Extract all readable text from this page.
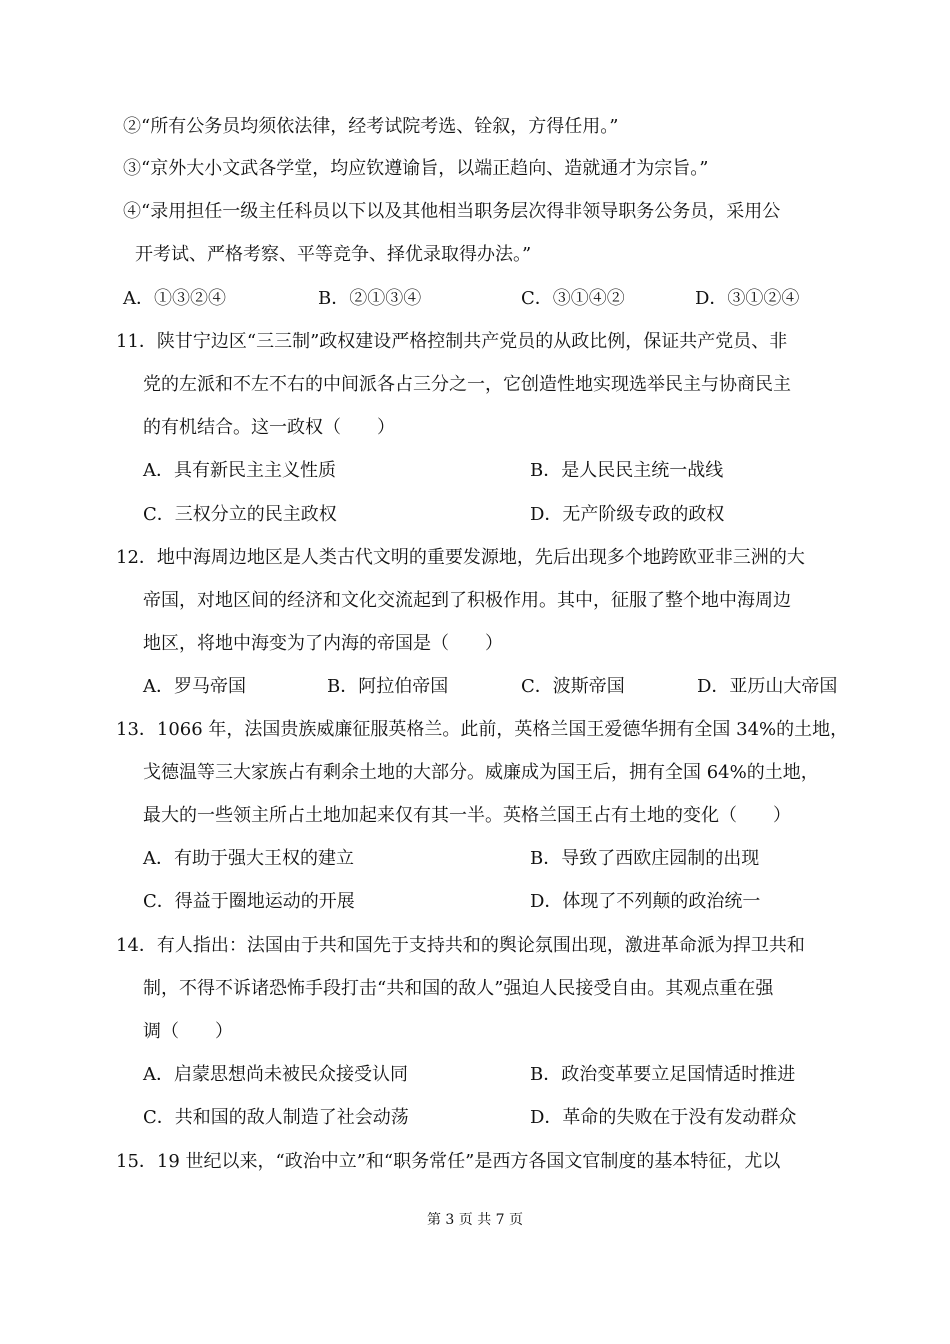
②“所有公务员均须依法律，经考试院考选、铨叙，方得任用。”
③“京外大小文武各学堂，均应钦遵谕旨，以端正趋向、造就通才为宗旨。”
④“录用担任一级主任科员以下以及其他相当职务层次得非领导职务公务员，采用公
开考试、严格考察、平等竞争、择优录取得办法。”
A．①③②④	B．②①③④	C．③①④②	D．③①②④
11．陕甘宁边区“三三制”政权建设严格控制共产党员的从政比例，保证共产党员、非
党的左派和不左不右的中间派各占三分之一，它创造性地实现选举民主与协商民主
的有机结合。这一政权（　　）
A．具有新民主主义性质	B．是人民民主统一战线
C．三权分立的民主政权	D．无产阶级专政的政权
12．地中海周边地区是人类古代文明的重要发源地，先后出现多个地跨欧亚非三洲的大
帝国，对地区间的经济和文化交流起到了积极作用。其中，征服了整个地中海周边
地区，将地中海变为了内海的帝国是（　　）
A．罗马帝国	B．阿拉伯帝国	C．波斯帝国	D．亚历山大帝国
13．1066 年，法国贵族威廉征服英格兰。此前，英格兰国王爱德华拥有全国 34%的土地，
戈德温等三大家族占有剩余土地的大部分。威廉成为国王后，拥有全国 64%的土地，
最大的一些领主所占土地加起来仅有其一半。英格兰国王占有土地的变化（　　）
A．有助于强大王权的建立	B．导致了西欧庄园制的出现
C．得益于圈地运动的开展	D．体现了不列颠的政治统一
14．有人指出：法国由于共和国先于支持共和的舆论氛围出现，激进革命派为捍卫共和
制，不得不诉诸恐怖手段打击“共和国的敌人”强迫人民接受自由。其观点重在强
调（　　）
A．启蒙思想尚未被民众接受认同	B．政治变革要立足国情适时推进
C．共和国的敌人制造了社会动荡	D．革命的失败在于没有发动群众
15．19 世纪以来，“政治中立”和“职务常任”是西方各国文官制度的基本特征，尤以
第 3 页 共 7 页
